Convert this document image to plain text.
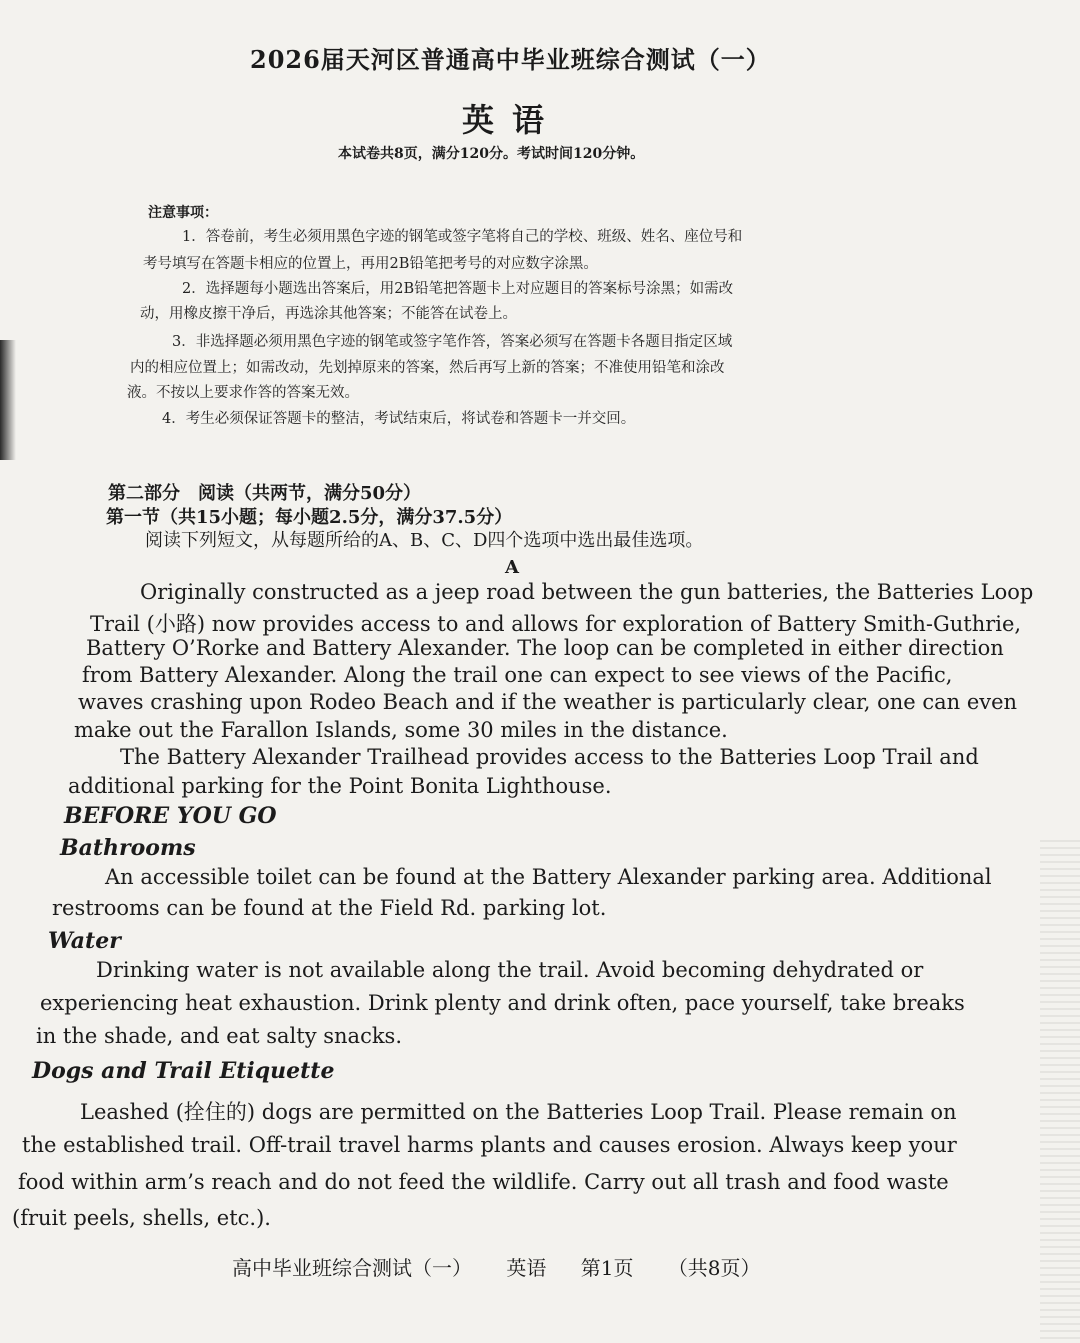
2026届天河区普通高中毕业班综合测试（一）
英语
本试卷共8页，满分120分。考试时间120分钟。
注意事项：
1．答卷前，考生必须用黑色字迹的钢笔或签字笔将自己的学校、班级、姓名、座位号和
考号填写在答题卡相应的位置上，再用2B铅笔把考号的对应数字涂黑。
2．选择题每小题选出答案后，用2B铅笔把答题卡上对应题目的答案标号涂黑；如需改
动，用橡皮擦干净后，再选涂其他答案；不能答在试卷上。
3．非选择题必须用黑色字迹的钢笔或签字笔作答，答案必须写在答题卡各题目指定区域
内的相应位置上；如需改动，先划掉原来的答案，然后再写上新的答案；不准使用铅笔和涂改
液。不按以上要求作答的答案无效。
4．考生必须保证答题卡的整洁，考试结束后，将试卷和答题卡一并交回。
第二部分　阅读（共两节，满分50分）
第一节（共15小题；每小题2.5分，满分37.5分）
阅读下列短文，从每题所给的A、B、C、D四个选项中选出最佳选项。
A
Originally constructed as a jeep road between the gun batteries, the Batteries Loop
Trail (小路) now provides access to and allows for exploration of Battery Smith-Guthrie,
Battery O’Rorke and Battery Alexander. The loop can be completed in either direction
from Battery Alexander. Along the trail one can expect to see views of the Pacific,
waves crashing upon Rodeo Beach and if the weather is particularly clear, one can even
make out the Farallon Islands, some 30 miles in the distance.
The Battery Alexander Trailhead provides access to the Batteries Loop Trail and
additional parking for the Point Bonita Lighthouse.
BEFORE YOU GO
Bathrooms
An accessible toilet can be found at the Battery Alexander parking area. Additional
restrooms can be found at the Field Rd. parking lot.
Water
Drinking water is not available along the trail. Avoid becoming dehydrated or
experiencing heat exhaustion. Drink plenty and drink often, pace yourself, take breaks
in the shade, and eat salty snacks.
Dogs and Trail Etiquette
Leashed (拴住的) dogs are permitted on the Batteries Loop Trail. Please remain on
the established trail. Off-trail travel harms plants and causes erosion. Always keep your
food within arm’s reach and do not feed the wildlife. Carry out all trash and food waste
(fruit peels, shells, etc.).
高中毕业班综合测试（一） 英语 第1页 （共8页）
